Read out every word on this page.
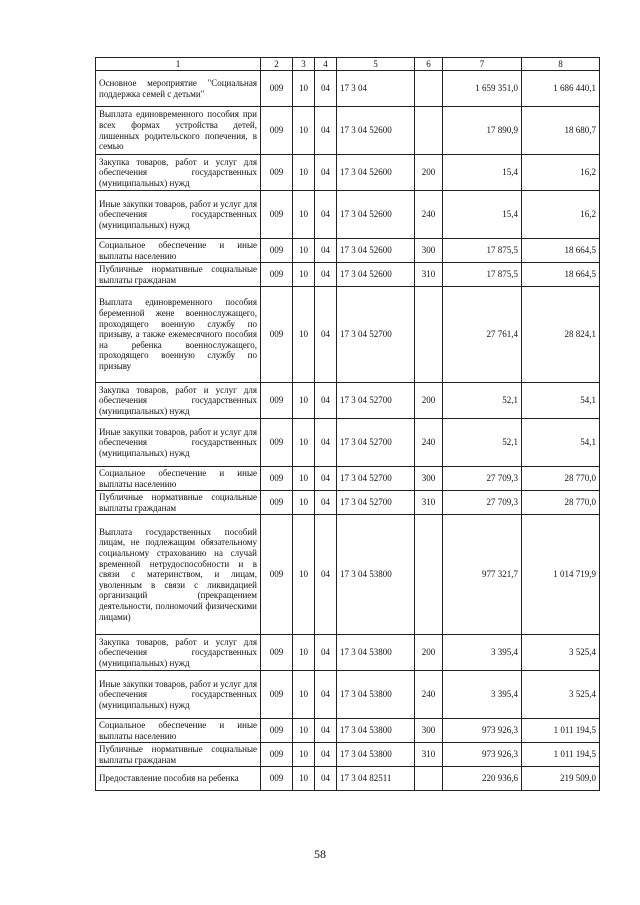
1	2	3	4	5	6	7	8
Основное мероприятие "Социальная поддержка семей с детьми"	009	10	04	17 3 04		1 659 351,0	1 686 440,1
Выплата единовременного пособия при всех формах устройства детей, лишенных родительского попечения, в семью	009	10	04	17 3 04 52600		17 890,9	18 680,7
Закупка товаров, работ и услуг для обеспечения государственных (муниципальных) нужд	009	10	04	17 3 04 52600	200	15,4	16,2
Иные закупки товаров, работ и услуг для обеспечения государственных (муниципальных) нужд	009	10	04	17 3 04 52600	240	15,4	16,2
Социальное обеспечение и иные выплаты населению	009	10	04	17 3 04 52600	300	17 875,5	18 664,5
Публичные нормативные социальные выплаты гражданам	009	10	04	17 3 04 52600	310	17 875,5	18 664,5
Выплата единовременного пособия беременной жене военнослужащего, проходящего военную службу по призыву, а также ежемесячного пособия на ребенка военнослужащего, проходящего военную службу по призыву	009	10	04	17 3 04 52700		27 761,4	28 824,1
Закупка товаров, работ и услуг для обеспечения государственных (муниципальных) нужд	009	10	04	17 3 04 52700	200	52,1	54,1
Иные закупки товаров, работ и услуг для обеспечения государственных (муниципальных) нужд	009	10	04	17 3 04 52700	240	52,1	54,1
Социальное обеспечение и иные выплаты населению	009	10	04	17 3 04 52700	300	27 709,3	28 770,0
Публичные нормативные социальные выплаты гражданам	009	10	04	17 3 04 52700	310	27 709,3	28 770,0
Выплата государственных пособий лицам, не подлежащим обязательному социальному страхованию на случай временной нетрудоспособности и в связи с материнством, и лицам, уволенным в связи с ликвидацией организаций (прекращением деятельности, полномочий физическими лицами)	009	10	04	17 3 04 53800		977 321,7	1 014 719,9
Закупка товаров, работ и услуг для обеспечения государственных (муниципальных) нужд	009	10	04	17 3 04 53800	200	3 395,4	3 525,4
Иные закупки товаров, работ и услуг для обеспечения государственных (муниципальных) нужд	009	10	04	17 3 04 53800	240	3 395,4	3 525,4
Социальное обеспечение и иные выплаты населению	009	10	04	17 3 04 53800	300	973 926,3	1 011 194,5
Публичные нормативные социальные выплаты гражданам	009	10	04	17 3 04 53800	310	973 926,3	1 011 194,5
Предоставление пособия на ребенка	009	10	04	17 3 04 82511		220 936,6	219 509,0
58
